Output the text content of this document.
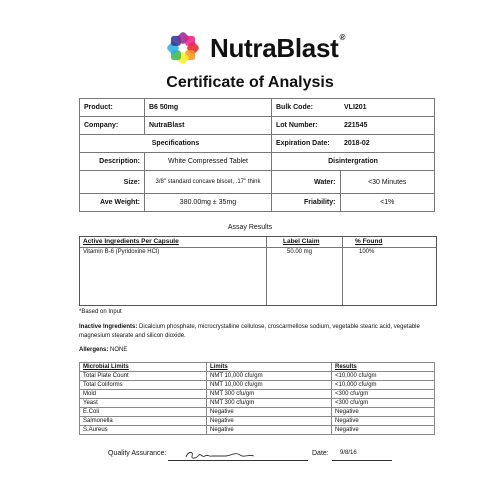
NutraBlast®
Certificate of Analysis
Product:	B6 50mg	Bulk Code:	VLI201
Company:	NutraBlast	Lot Number:	221545
Specifications		Expiration Date:	2018-02
Description:	White Compressed Tablet	Disintergration	
Size:	3/8" standard concave biscet, .17" think	Water:	<30 Minutes
Ave Weight:	380.00mg ± 35mg	Friability:	<1%
Assay Results
Active Ingredients Per Capsule	Label Claim	% Found
Vitamin B-6 (Pyridoxine HCl)	50.00 mg	100%
*Based on Input
Inactive Ingredients: Dicalcium phosphate, microcrystalline cellulose, croscarmellose sodium, vegetable stearic acid, vegetable magnesium stearate and silicon dioxide.
Allergens: NONE
Microbial Limits	Limits	Results
Total Plate Count	NMT 10,000 cfu/gm	<10,000 cfu/gm
Total Coliforms	NMT 10,000 cfu/gm	<10,000 cfu/gm
Mold	NMT 300 cfu/gm	<300 cfu/gm
Yeast	NMT 300 cfu/gm	<300 cfu/gm
E.Coli	Negative	Negative
Salmonella	Negative	Negative
S.Aureus	Negative	Negative
Quality Assurance:	Date: 9/8/16
